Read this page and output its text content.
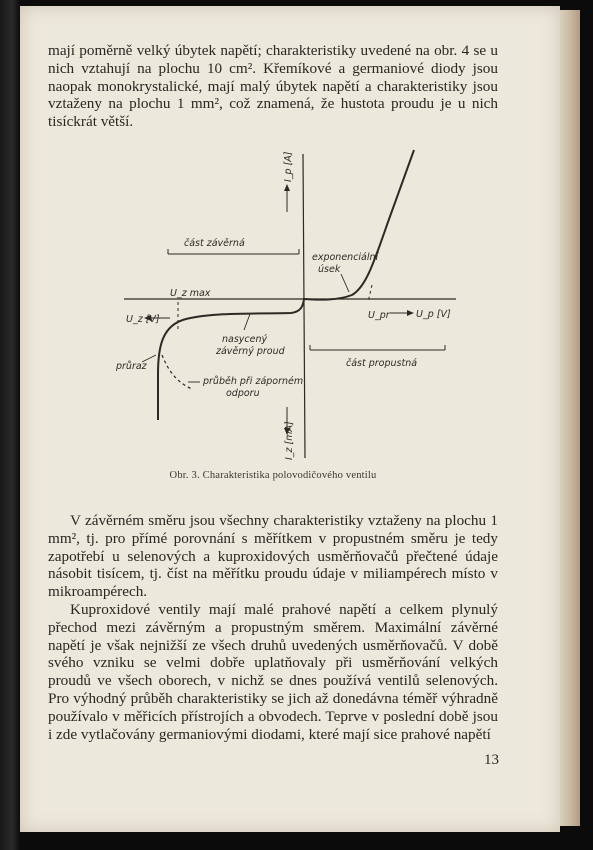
mají poměrně velký úbytek napětí; charakteristiky uvedené na obr. 4 se u nich vztahují na plochu 10 cm². Křemíkové a germaniové diody jsou naopak monokrystalické, mají malý úbytek napětí a charakteristiky jsou vztaženy na plochu 1 mm², což znamená, že hustota proudu je u nich tisíckrát větší.

I_p [A]
I_z [mA]
U_z [V]	U_p [V]
U_z max
U_pr
část závěrná
část propustná
exponenciální
úsek
nasycený
závěrný proud
průraz
průběh při záporném
odporu
Obr. 3. Charakteristika polovodičového ventilu

V závěrném směru jsou všechny charakteristiky vztaženy na plochu 1 mm², tj. pro přímé porovnání s měřítkem v propustném směru je tedy zapotřebí u selenových a kuproxidových usměrňovačů přečtené údaje násobit tisícem, tj. číst na měřítku proudu údaje v miliampérech místo v mikroampérech.

Kuproxidové ventily mají malé prahové napětí a celkem plynulý přechod mezi závěrným a propustným směrem. Maximální závěrné napětí je však nejnižší ze všech druhů uvedených usměrňovačů. V době svého vzniku se velmi dobře uplatňovaly při usměrňování velkých proudů ve všech oborech, v nichž se dnes používá ventilů selenových. Pro výhodný průběh charakteristiky se jich až donedávna téměř výhradně používalo v měřicích přístrojích a obvodech. Teprve v poslední době jsou i zde vytlačovány germaniovými diodami, které mají sice prahové napětí

13
